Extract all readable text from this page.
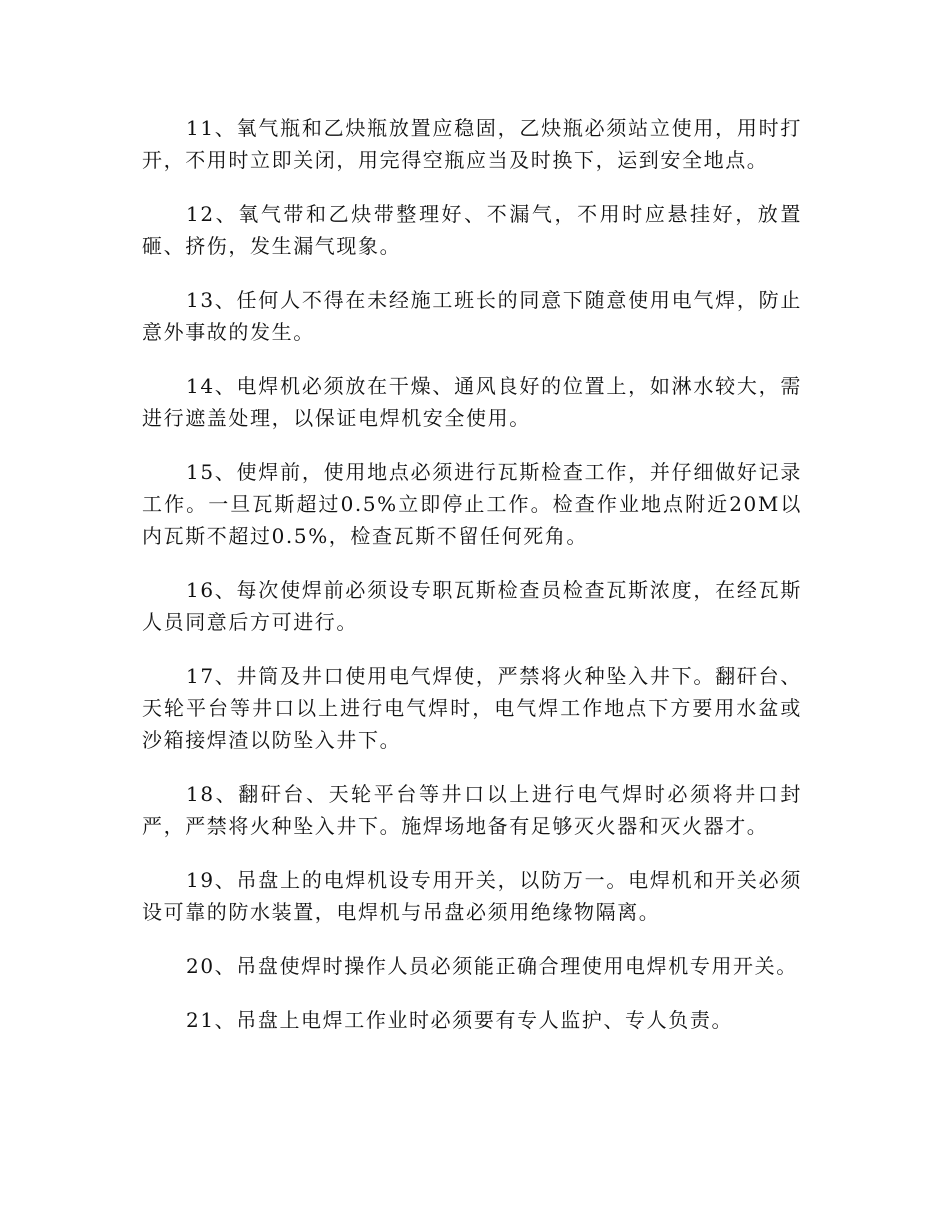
11、氧气瓶和乙炔瓶放置应稳固，乙炔瓶必须站立使用，用时打开，不用时立即关闭，用完得空瓶应当及时换下，运到安全地点。

12、氧气带和乙炔带整理好、不漏气，不用时应悬挂好，放置砸、挤伤，发生漏气现象。

13、任何人不得在未经施工班长的同意下随意使用电气焊，防止意外事故的发生。

14、电焊机必须放在干燥、通风良好的位置上，如淋水较大，需进行遮盖处理，以保证电焊机安全使用。

15、使焊前，使用地点必须进行瓦斯检查工作，并仔细做好记录工作。一旦瓦斯超过0.5%立即停止工作。检查作业地点附近20M以内瓦斯不超过0.5%，检查瓦斯不留任何死角。

16、每次使焊前必须设专职瓦斯检查员检查瓦斯浓度，在经瓦斯人员同意后方可进行。

17、井筒及井口使用电气焊使，严禁将火种坠入井下。翻矸台、天轮平台等井口以上进行电气焊时，电气焊工作地点下方要用水盆或沙箱接焊渣以防坠入井下。

18、翻矸台、天轮平台等井口以上进行电气焊时必须将井口封严，严禁将火种坠入井下。施焊场地备有足够灭火器和灭火器才。

19、吊盘上的电焊机设专用开关，以防万一。电焊机和开关必须设可靠的防水装置，电焊机与吊盘必须用绝缘物隔离。

20、吊盘使焊时操作人员必须能正确合理使用电焊机专用开关。

21、吊盘上电焊工作业时必须要有专人监护、专人负责。
